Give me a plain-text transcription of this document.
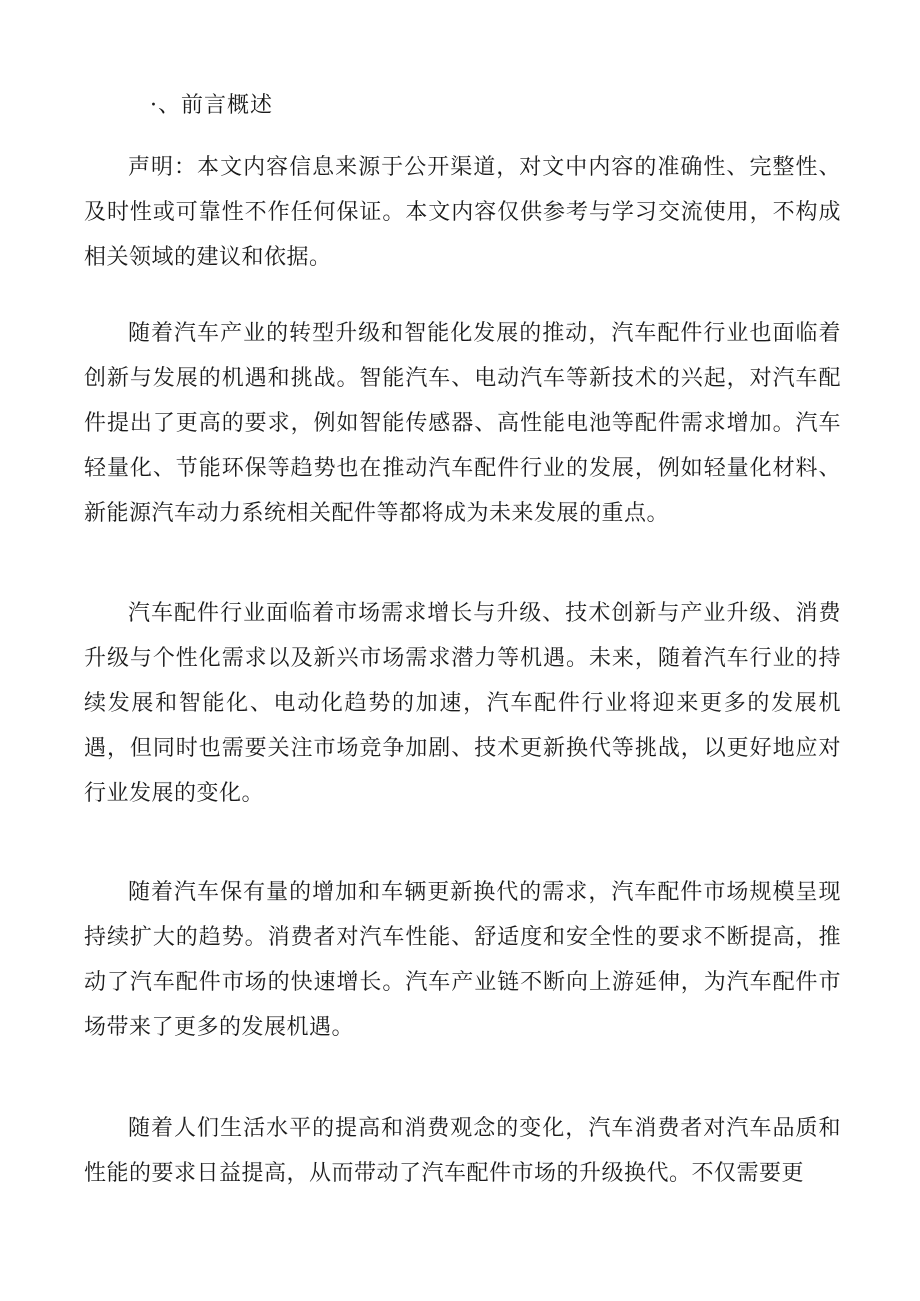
·、前言概述

声明：本文内容信息来源于公开渠道，对文中内容的准确性、完整性、及时性或可靠性不作任何保证。本文内容仅供参考与学习交流使用，不构成相关领域的建议和依据。

随着汽车产业的转型升级和智能化发展的推动，汽车配件行业也面临着创新与发展的机遇和挑战。智能汽车、电动汽车等新技术的兴起，对汽车配件提出了更高的要求，例如智能传感器、高性能电池等配件需求增加。汽车轻量化、节能环保等趋势也在推动汽车配件行业的发展，例如轻量化材料、新能源汽车动力系统相关配件等都将成为未来发展的重点。

汽车配件行业面临着市场需求增长与升级、技术创新与产业升级、消费升级与个性化需求以及新兴市场需求潜力等机遇。未来，随着汽车行业的持续发展和智能化、电动化趋势的加速，汽车配件行业将迎来更多的发展机遇，但同时也需要关注市场竞争加剧、技术更新换代等挑战，以更好地应对行业发展的变化。

随着汽车保有量的增加和车辆更新换代的需求，汽车配件市场规模呈现持续扩大的趋势。消费者对汽车性能、舒适度和安全性的要求不断提高，推动了汽车配件市场的快速增长。汽车产业链不断向上游延伸，为汽车配件市场带来了更多的发展机遇。

随着人们生活水平的提高和消费观念的变化，汽车消费者对汽车品质和性能的要求日益提高，从而带动了汽车配件市场的升级换代。不仅需要更
